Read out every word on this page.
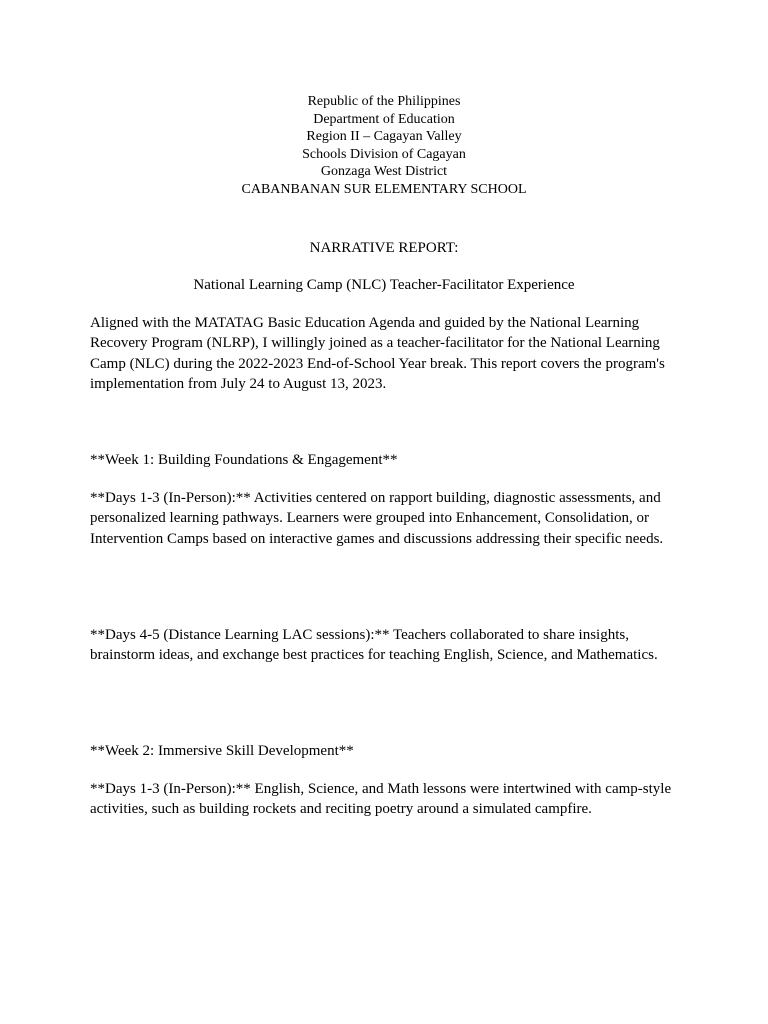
Republic of the Philippines
Department of Education
Region II – Cagayan Valley
Schools Division of Cagayan
Gonzaga West District
CABANBANAN SUR ELEMENTARY SCHOOL
NARRATIVE REPORT:
National Learning Camp (NLC) Teacher-Facilitator Experience

Aligned with the MATATAG Basic Education Agenda and guided by the National Learning Recovery Program (NLRP), I willingly joined as a teacher-facilitator for the National Learning Camp (NLC) during the 2022-2023 End-of-School Year break. This report covers the program's implementation from July 24 to August 13, 2023.

**Week 1: Building Foundations & Engagement**

**Days 1-3 (In-Person):** Activities centered on rapport building, diagnostic assessments, and personalized learning pathways. Learners were grouped into Enhancement, Consolidation, or Intervention Camps based on interactive games and discussions addressing their specific needs.

**Days 4-5 (Distance Learning LAC sessions):** Teachers collaborated to share insights, brainstorm ideas, and exchange best practices for teaching English, Science, and Mathematics.

**Week 2: Immersive Skill Development**

**Days 1-3 (In-Person):** English, Science, and Math lessons were intertwined with camp-style activities, such as building rockets and reciting poetry around a simulated campfire.
